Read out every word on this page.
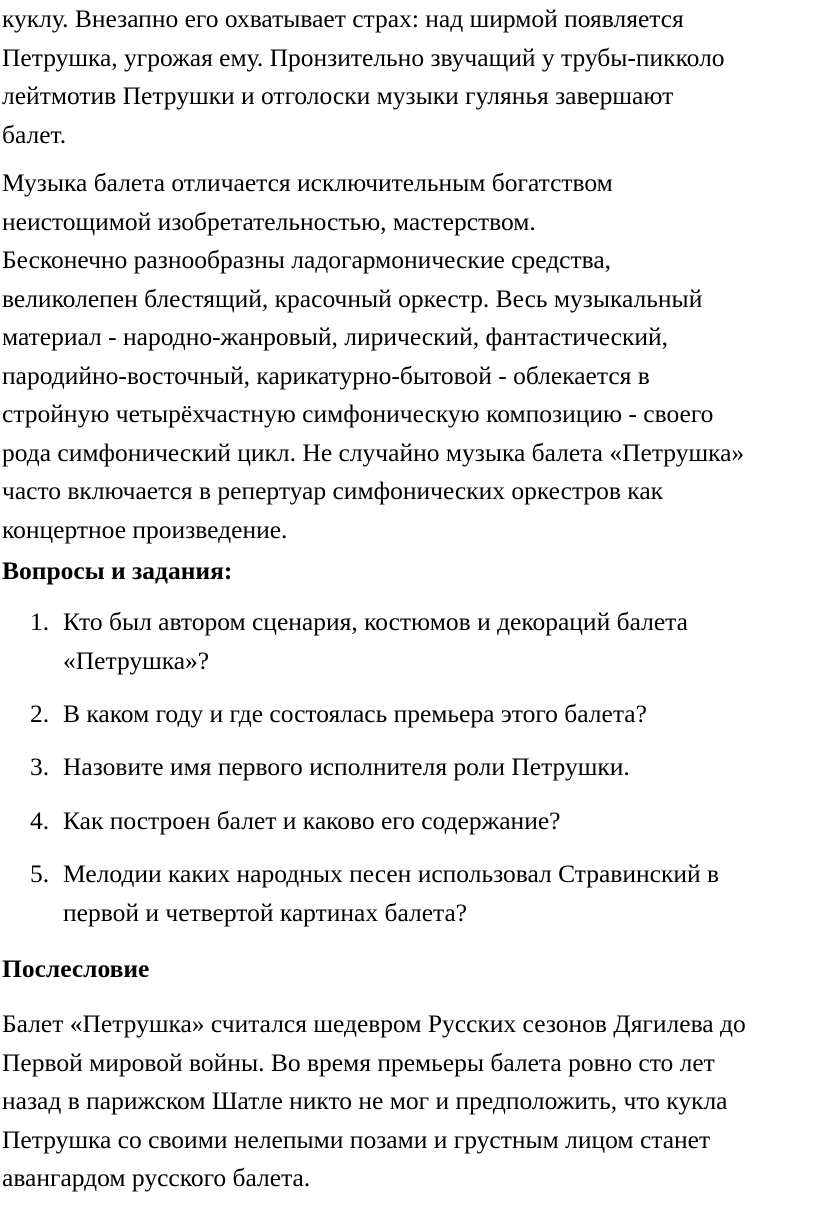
куклу. Внезапно его охватывает страх: над ширмой появляется
Петрушка, угрожая ему. Пронзительно звучащий у трубы-пикколо
лейтмотив Петрушки и отголоски музыки гулянья завершают
балет.

Музыка балета отличается исключительным богатством
неистощимой изобретательностью, мастерством.
Бесконечно разнообразны ладогармонические средства,
великолепен блестящий, красочный оркестр. Весь музыкальный
материал - народно-жанровый, лирический, фантастический,
пародийно-восточный, карикатурно-бытовой - облекается в
стройную четырёхчастную симфоническую композицию - своего
рода симфонический цикл. Не случайно музыка балета «Петрушка»
часто включается в репертуар симфонических оркестров как
концертное произведение.

Вопросы и задания:
1. Кто был автором сценария, костюмов и декораций балета
«Петрушка»?
2. В каком году и где состоялась премьера этого балета?
3. Назовите имя первого исполнителя роли Петрушки.
4. Как построен балет и каково его содержание?
5. Мелодии каких народных песен использовал Стравинский в
первой и четвертой картинах балета?
Послесловие

Балет «Петрушка» считался шедевром Русских сезонов Дягилева до
Первой мировой войны. Во время премьеры балета ровно сто лет
назад в парижском Шатле никто не мог и предположить, что кукла
Петрушка со своими нелепыми позами и грустным лицом станет
авангардом русского балета.
